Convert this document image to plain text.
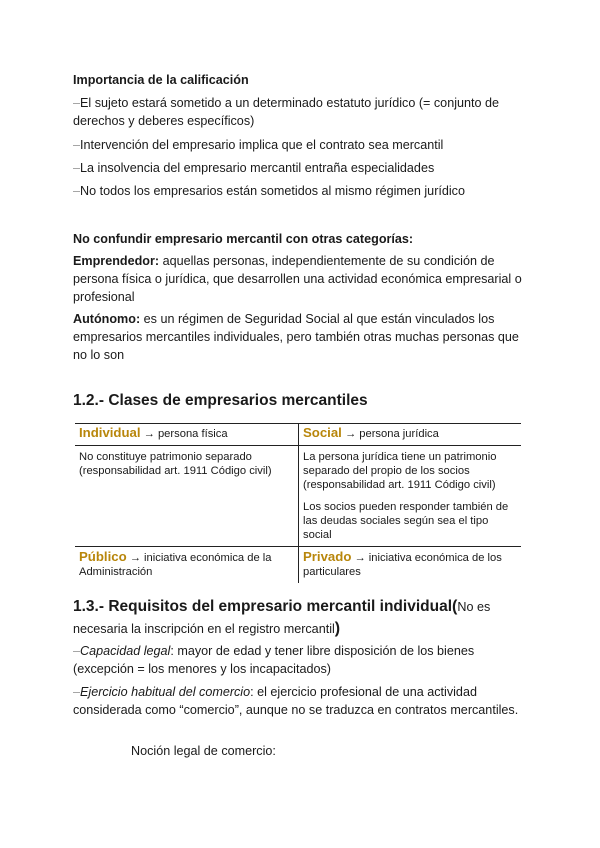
Importancia de la calificación
–El sujeto estará sometido a un determinado estatuto jurídico (= conjunto de derechos y deberes específicos)
–Intervención del empresario implica que el contrato sea mercantil
–La insolvencia del empresario mercantil entraña especialidades
–No todos los empresarios están sometidos al mismo régimen jurídico
No confundir empresario mercantil con otras categorías:
Emprendedor: aquellas personas, independientemente de su condición de persona física o jurídica, que desarrollen una actividad económica empresarial o profesional
Autónomo: es un régimen de Seguridad Social al que están vinculados los empresarios mercantiles individuales, pero también otras muchas personas que no lo son
1.2.- Clases de empresarios mercantiles
Individual → persona física	Social → persona jurídica
No constituye patrimonio separado (responsabilidad art. 1911 Código civil)	La persona jurídica tiene un patrimonio separado del propio de los socios (responsabilidad art. 1911 Código civil)
	Los socios pueden responder también de las deudas sociales según sea el tipo social
Público → iniciativa económica de la Administración	Privado → iniciativa económica de los particulares
1.3.- Requisitos del empresario mercantil individual(No es necesaria la inscripción en el registro mercantil)
–Capacidad legal: mayor de edad y tener libre disposición de los bienes (excepción = los menores y los incapacitados)
–Ejercicio habitual del comercio: el ejercicio profesional de una actividad considerada como “comercio”, aunque no se traduzca en contratos mercantiles.
Noción legal de comercio:
